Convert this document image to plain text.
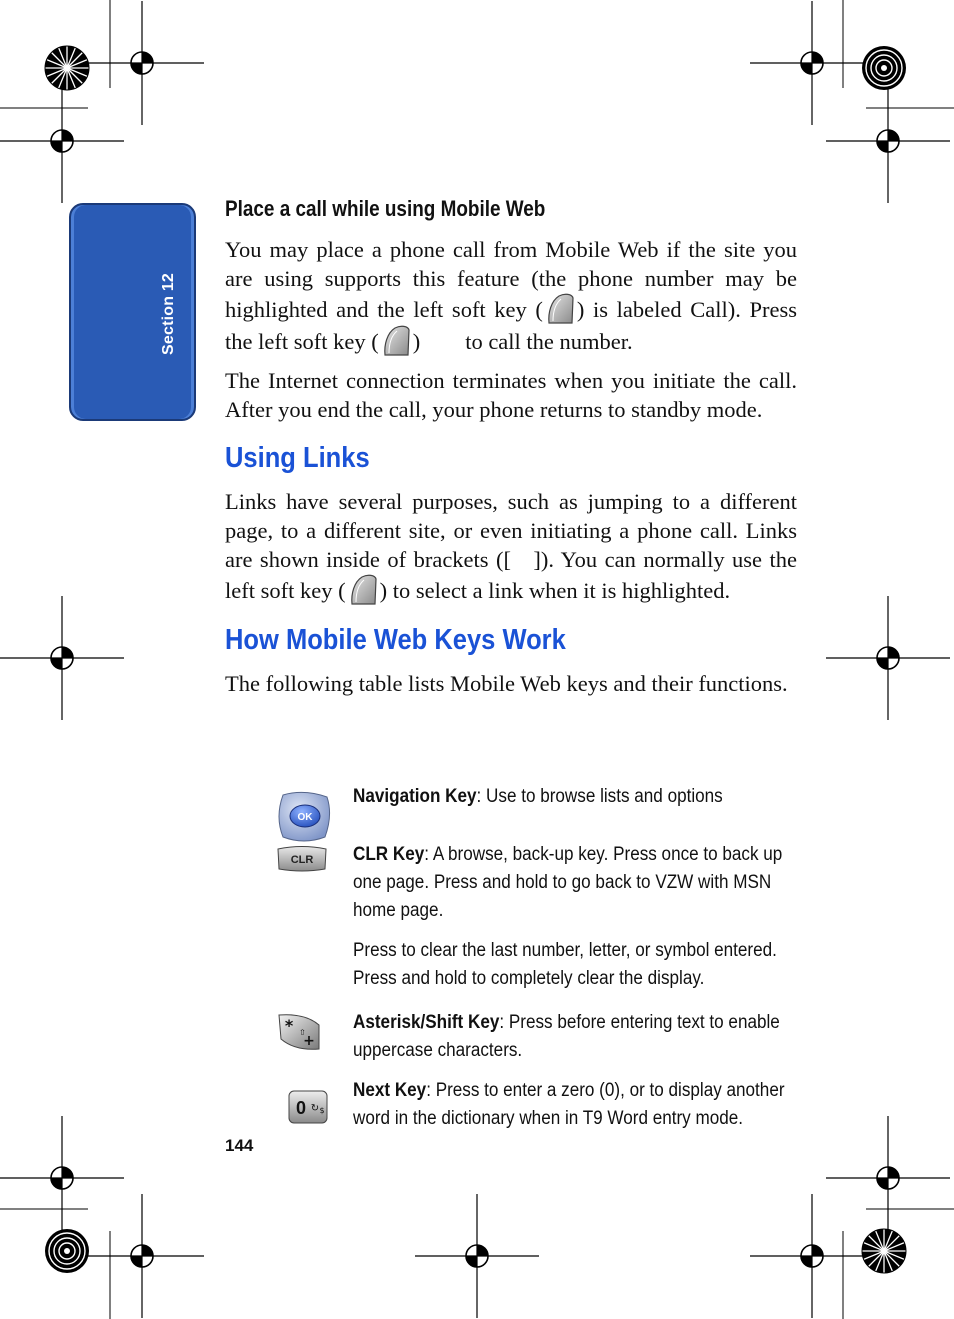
Section 12
Place a call while using Mobile Web

You may place a phone call from Mobile Web if the site you are using supports this feature (the phone number may be highlighted and the left soft key ( ) is labeled Call). Press the left soft key ( )        to call the number.

The Internet connection terminates when you initiate the call. After you end the call, your phone returns to standby mode.

Using Links

Links have several purposes, such as jumping to a different page, to a different site, or even initiating a phone call. Links are shown inside of brackets ([   ]). You can normally use the left soft key ( ) to select a link when it is highlighted.

How Mobile Web Keys Work

The following table lists Mobile Web keys and their functions.

OK
Navigation Key: Use to browse lists and options
CLR CLR Key: A browse, back-up key. Press once to back up one page. Press and hold to go back to VZW with MSN home page.
Press to clear the last number, letter, or symbol entered. Press and hold to completely clear the display.
* ⇧
+
Asterisk/Shift Key: Press before entering text to enable uppercase characters.
0 ↻ $
Next Key: Press to enter a zero (0), or to display another word in the dictionary when in T9 Word entry mode.
144
